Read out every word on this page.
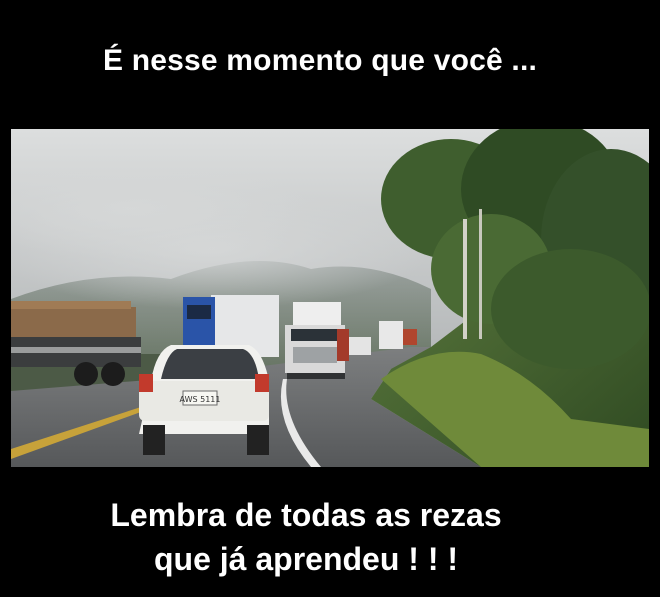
É nesse momento que você ...
AWS 5111
Lembra de todas as rezas
que já aprendeu ! ! !
